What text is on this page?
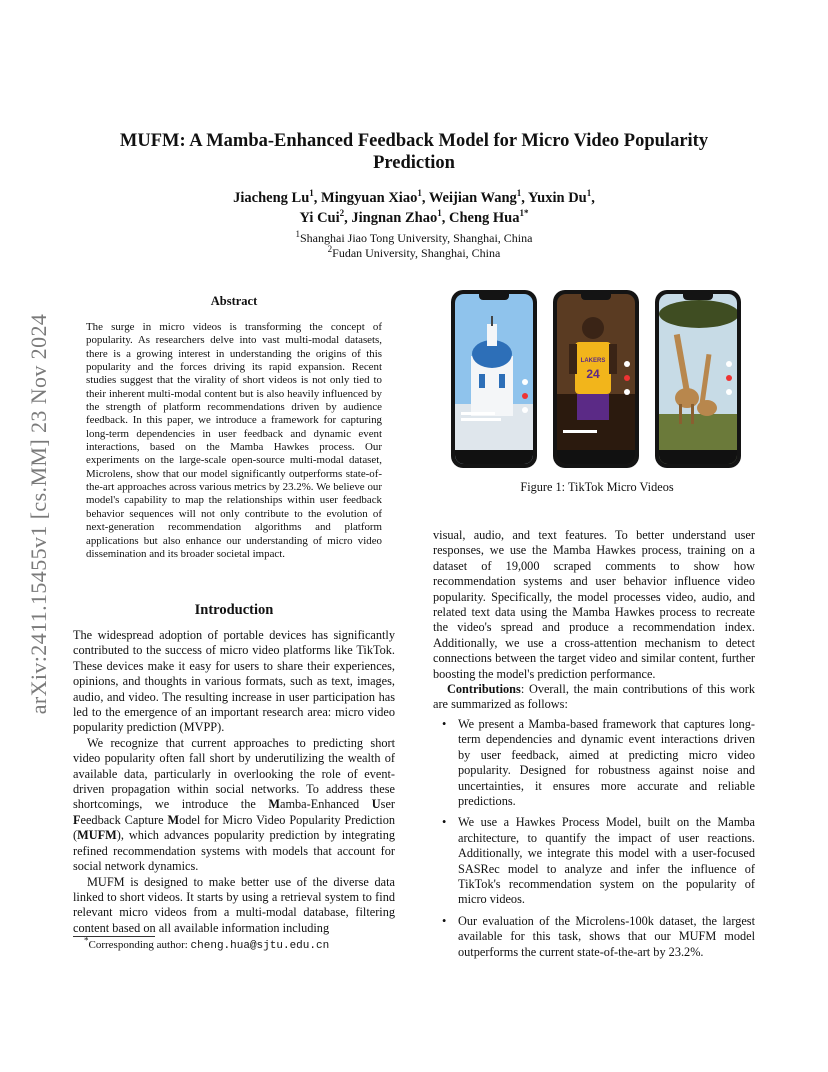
arXiv:2411.15455v1 [cs.MM] 23 Nov 2024
MUFM: A Mamba-Enhanced Feedback Model for Micro Video Popularity Prediction
Jiacheng Lu$^1$, Mingyuan Xiao$^1$, Weijian Wang$^1$, Yuxin Du$^1$,
Yi Cui$^2$, Jingnan Zhao$^1$, Cheng Hua$^{1*}$
$^1$Shanghai Jiao Tong University, Shanghai, China
$^2$Fudan University, Shanghai, China
Abstract
The surge in micro videos is transforming the concept of popularity. As researchers delve into vast multi-modal datasets, there is a growing interest in understanding the origins of this popularity and the forces driving its rapid expansion. Recent studies suggest that the virality of short videos is not only tied to their inherent multi-modal content but is also heavily influenced by the strength of platform recommendations driven by audience feedback. In this paper, we introduce a framework for capturing long-term dependencies in user feedback and dynamic event interactions, based on the Mamba Hawkes process. Our experiments on the large-scale open-source multi-modal dataset, Microlens, show that our model significantly outperforms state-of-the-art approaches across various metrics by 23.2%. We believe our model's capability to map the relationships within user feedback behavior sequences will not only contribute to the evolution of next-generation recommendation algorithms and platform applications but also enhance our understanding of micro video dissemination and its broader societal impact.
Introduction

The widespread adoption of portable devices has significantly contributed to the success of micro video platforms like TikTok. These devices make it easy for users to share their experiences, opinions, and thoughts in various formats, such as text, images, audio, and video. The resulting increase in user participation has led to the emergence of an important research area: micro video popularity prediction (MVPP).

We recognize that current approaches to predicting short video popularity often fall short by underutilizing the wealth of available data, particularly in overlooking the role of event-driven propagation within social networks. To address these shortcomings, we introduce the Mamba-Enhanced User Feedback Capture Model for Micro Video Popularity Prediction (MUFM), which advances popularity prediction by integrating refined recommendation systems with models that account for social network dynamics.

MUFM is designed to make better use of the diverse data linked to short videos. It starts by using a retrieval system to find relevant micro videos from a multi-modal database, filtering content based on all available information including

*Corresponding author: cheng.hua@sjtu.edu.cn
LAKERS
24
Figure 1: TikTok Micro Videos

visual, audio, and text features. To better understand user responses, we use the Mamba Hawkes process, training on a dataset of 19,000 scraped comments to show how recommendation systems and user behavior influence video popularity. Specifically, the model processes video, audio, and related text data using the Mamba Hawkes process to recreate the video's spread and produce a recommendation index. Additionally, we use a cross-attention mechanism to detect connections between the target video and similar content, further boosting the model's prediction performance.

Contributions: Overall, the main contributions of this work are summarized as follows:

• We present a Mamba-based framework that captures long-term dependencies and dynamic event interactions driven by user feedback, aimed at predicting micro video popularity. Designed for robustness against noise and uncertainties, it ensures more accurate and reliable predictions.
• We use a Hawkes Process Model, built on the Mamba architecture, to quantify the impact of user reactions. Additionally, we integrate this model with a user-focused SASRec model to analyze and infer the influence of TikTok's recommendation system on the popularity of micro videos.
• Our evaluation of the Microlens-100k dataset, the largest available for this task, shows that our MUFM model outperforms the current state-of-the-art by 23.2%.
